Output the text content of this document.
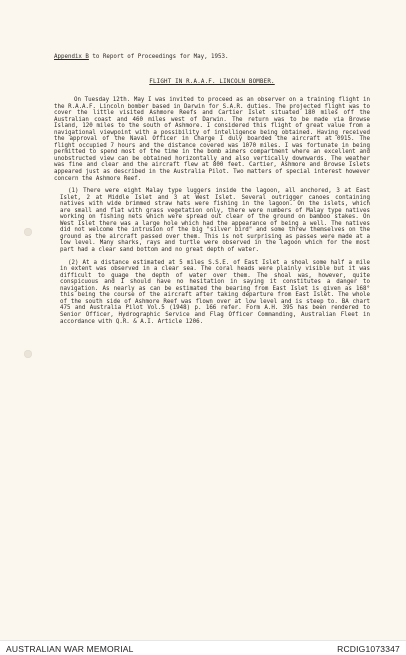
Appendix B to Report of Proceedings for May, 1953.
FLIGHT IN R.A.A.F. LINCOLN BOMBER.

On Tuesday 12th. May I was invited to proceed as an observer on a training flight in the R.A.A.F. Lincoln bomber based in Darwin for S.A.R. duties. The projected flight was to cover the little visited Ashmore Reefs and Cartier Islet situated 180 miles off the Australian coast and 460 miles west of Darwin. The return was to be made via Browse Island, 120 miles to the south of Ashmore. I considered this flight of great value from a navigational viewpoint with a possibility of intelligence being obtained. Having received the approval of the Naval Officer in Charge I duly boarded the aircraft at 0915. The flight occupied 7 hours and the distance covered was 1070 miles. I was fortunate in being permitted to spend most of the time in the bomb aimers compartment where an excellent and unobstructed view can be obtained horizontally and also vertically downwards. The weather was fine and clear and the aircraft flew at 800 feet. Cartier, Ashmore and Browse Islets appeared just as described in the Australia Pilot. Two matters of special interest however concern the Ashmore Reef.

(1) There were eight Malay type luggers inside the lagoon, all anchored, 3 at East Islet, 2 at Middle Islet and 3 at West Islet. Several outrigger canoes containing natives with wide brimmed straw hats were fishing in the lagoon. On the islets, which are small and flat with grass vegetation only, there were numbers of Malay type natives working on fishing nets which were spread out clear of the ground on bamboo stakes. On West Islet there was a large hole which had the appearance of being a well. The natives did not welcome the intrusion of the big "silver bird" and some threw themselves on the ground as the aircraft passed over them. This is not surprising as passes were made at a low level. Many sharks, rays and turtle were observed in the lagoon which for the most part had a clear sand bottom and no great depth of water.

(2) At a distance estimated at 5 miles S.S.E. of East Islet a shoal some half a mile in extent was observed in a clear sea. The coral heads were plainly visible but it was difficult to guage the depth of water over them. The shoal was, however, quite conspicuous and I should have no hesitation in saying it constitutes a danger to navigation. As nearly as can be estimated the bearing from East Islet is given as 168° this being the course of the aircraft after taking departure from East Islet. The whole of the south side of Ashmore Reef was flown over at low level and is steep to. BA chart 475 and Australia Pilot Vol.5 (1948) p. 166 refer. Form A.H. 395 has been rendered to Senior Officer, Hydrographic Service and Flag Officer Commanding, Australian Fleet in accordance with Q.R. & A.I. Article 1206.

AUSTRALIAN WAR MEMORIAL	RCDIG1073347
